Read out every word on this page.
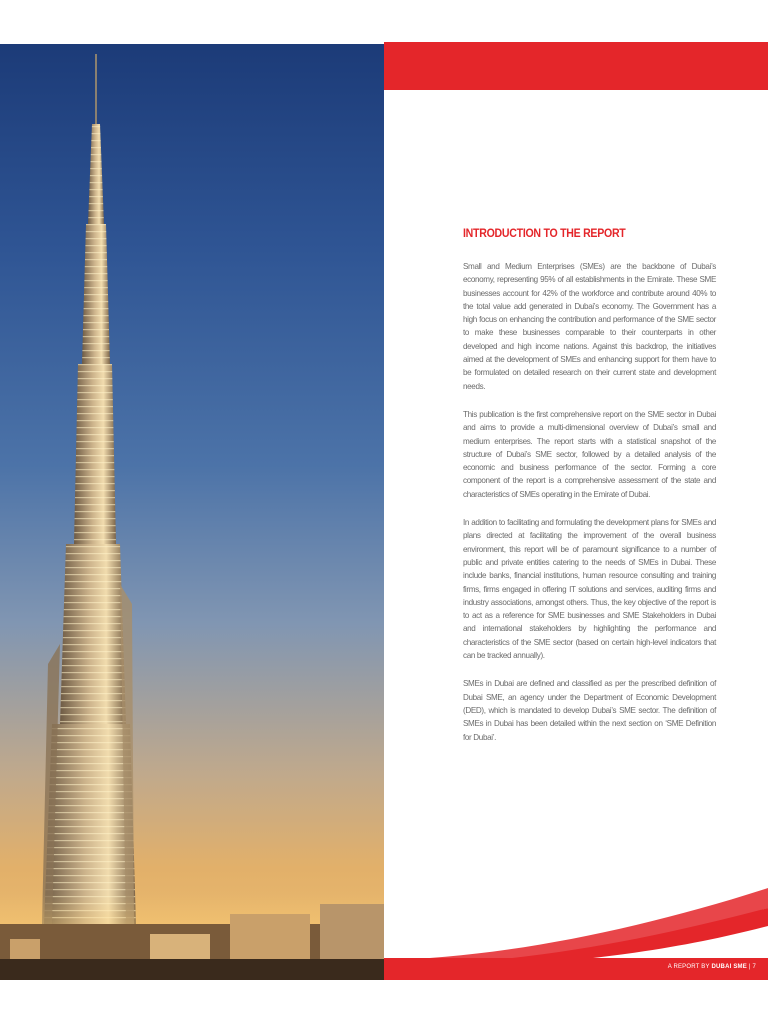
INTRODUCTION TO THE REPORT

Small and Medium Enterprises (SMEs) are the backbone of Dubai’s economy, representing 95% of all establishments in the Emirate. These SME businesses account for 42% of the workforce and contribute around 40% to the total value add generated in Dubai’s economy. The Government has a high focus on enhancing the contribution and performance of the SME sector to make these businesses comparable to their counterparts in other developed and high income nations. Against this backdrop, the initiatives aimed at the development of SMEs and enhancing support for them have to be formulated on detailed research on their current state and development needs.

This publication is the first comprehensive report on the SME sector in Dubai and aims to provide a multi-dimensional overview of Dubai’s small and medium enterprises. The report starts with a statistical snapshot of the structure of Dubai’s SME sector, followed by a detailed analysis of the economic and business performance of the sector. Forming a core component of the report is a comprehensive assessment of the state and characteristics of SMEs operating in the Emirate of Dubai.

In addition to facilitating and formulating the development plans for SMEs and plans directed at facilitating the improvement of the overall business environment, this report will be of paramount significance to a number of public and private entities catering to the needs of SMEs in Dubai. These include banks, financial institutions, human resource consulting and training firms, firms engaged in offering IT solutions and services, auditing firms and industry associations, amongst others. Thus, the key objective of the report is to act as a reference for SME businesses and SME Stakeholders in Dubai and international stakeholders by highlighting the performance and characteristics of the SME sector (based on certain high-level indicators that can be tracked annually).

SMEs in Dubai are defined and classified as per the prescribed definition of Dubai SME, an agency under the Department of Economic Development (DED), which is mandated to develop Dubai’s SME sector. The definition of SMEs in Dubai has been detailed within the next section on ‘SME Definition for Dubai’.

A REPORT BY DUBAI SME | 7
